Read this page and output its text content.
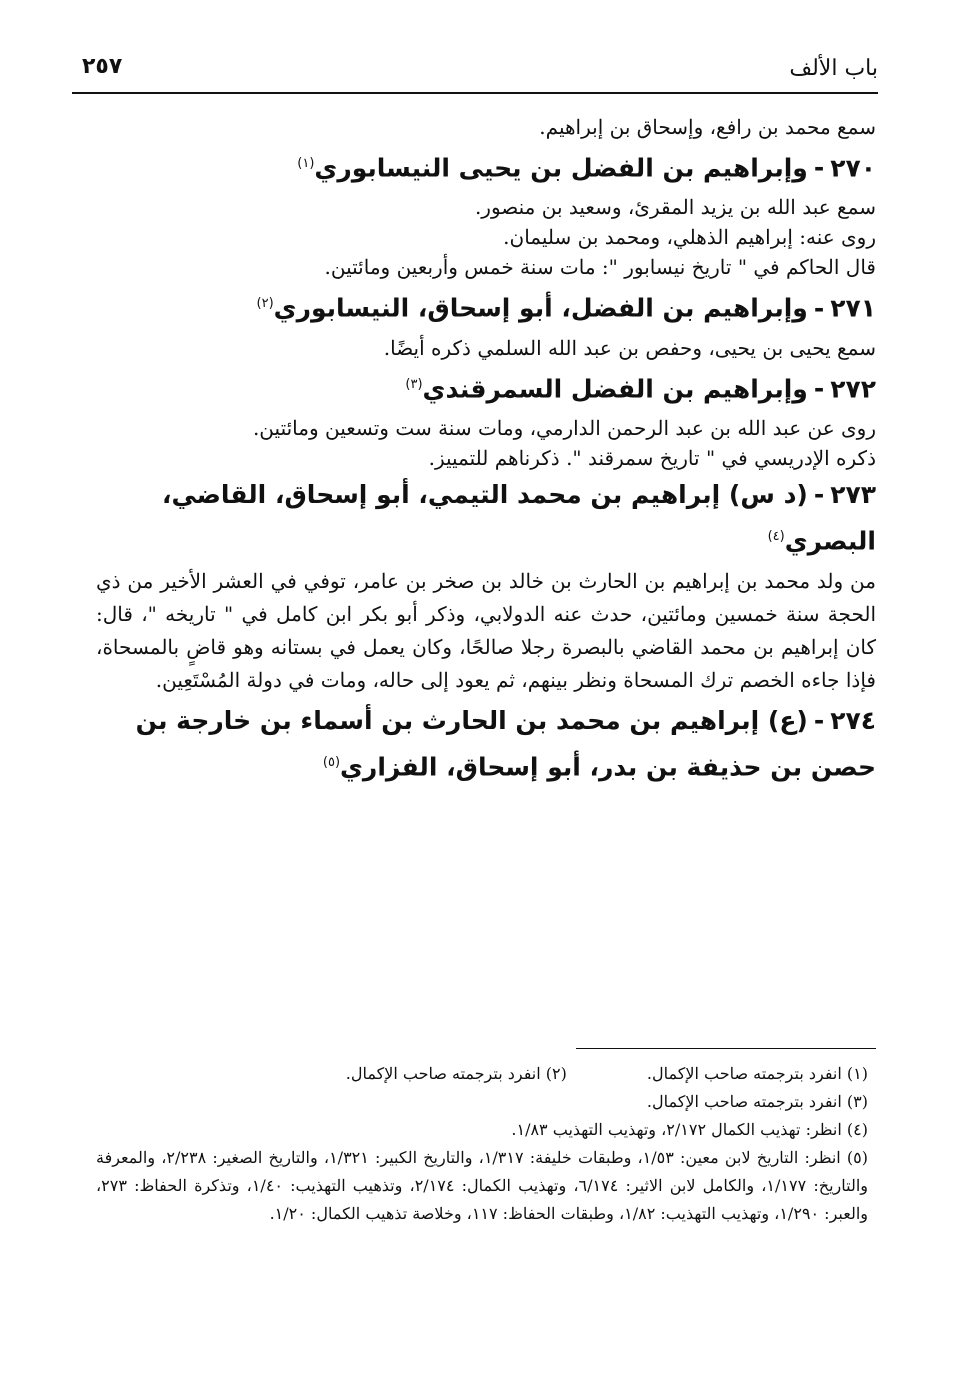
باب الألف
٢٥٧

سمع محمد بن رافع، وإسحاق بن إبراهيم.

٢٧٠-وإبراهيم بن الفضل بن يحيى النيسابوري$^{(١)}$

سمع عبد الله بن يزيد المقرئ، وسعيد بن منصور.

روى عنه: إبراهيم الذهلي، ومحمد بن سليمان.

قال الحاكم في " تاريخ نيسابور ": مات سنة خمس وأربعين ومائتين.

٢٧١-وإبراهيم بن الفضل، أبو إسحاق، النيسابوري$^{(٢)}$

سمع يحيى بن يحيى، وحفص بن عبد الله السلمي ذكره أيضًا.

٢٧٢-وإبراهيم بن الفضل السمرقندي$^{(٣)}$

روى عن عبد الله بن عبد الرحمن الدارمي، ومات سنة ست وتسعين ومائتين.

ذكره الإدريسي في " تاريخ سمرقند ". ذكرناهم للتمييز.

٢٧٣-(د س) إبراهيم بن محمد التيمي، أبو إسحاق، القاضي،
البصري$^{(٤)}$

من ولد محمد بن إبراهيم بن الحارث بن خالد بن صخر بن عامر، توفي في العشر الأخير من ذي الحجة سنة خمسين ومائتين، حدث عنه الدولابي، وذكر أبو بكر ابن كامل في " تاريخه "، قال: كان إبراهيم بن محمد القاضي بالبصرة رجلا صالحًا، وكان يعمل في بستانه وهو قاضٍ بالمسحاة، فإذا جاءه الخصم ترك المسحاة ونظر بينهم، ثم يعود إلى حاله، ومات في دولة المُسْتَعِين.

٢٧٤-(ع) إبراهيم بن محمد بن الحارث بن أسماء بن خارجة بن
حصن بن حذيفة بن بدر، أبو إسحاق، الفزاري$^{(٥)}$

(١) انفرد بترجمته صاحب الإكمال.

(٢) انفرد بترجمته صاحب الإكمال.

(٣) انفرد بترجمته صاحب الإكمال.

(٤) انظر: تهذيب الكمال ٢/١٧٢، وتهذيب التهذيب ١/٨٣.

(٥) انظر: التاريخ لابن معين: ١/٥٣، وطبقات خليفة: ١/٣١٧، والتاريخ الكبير: ١/٣٢١، والتاريخ الصغير: ٢/٢٣٨، والمعرفة والتاريخ: ١/١٧٧، والكامل لابن الاثير: ٦/١٧٤، وتهذيب الكمال: ٢/١٧٤، وتذهيب التهذيب: ١/٤٠، وتذكرة الحفاظ: ٢٧٣، والعبر: ١/٢٩٠، وتهذيب التهذيب: ١/٨٢، وطبقات الحفاظ: ١١٧، وخلاصة تذهيب الكمال: ١/٢٠.
